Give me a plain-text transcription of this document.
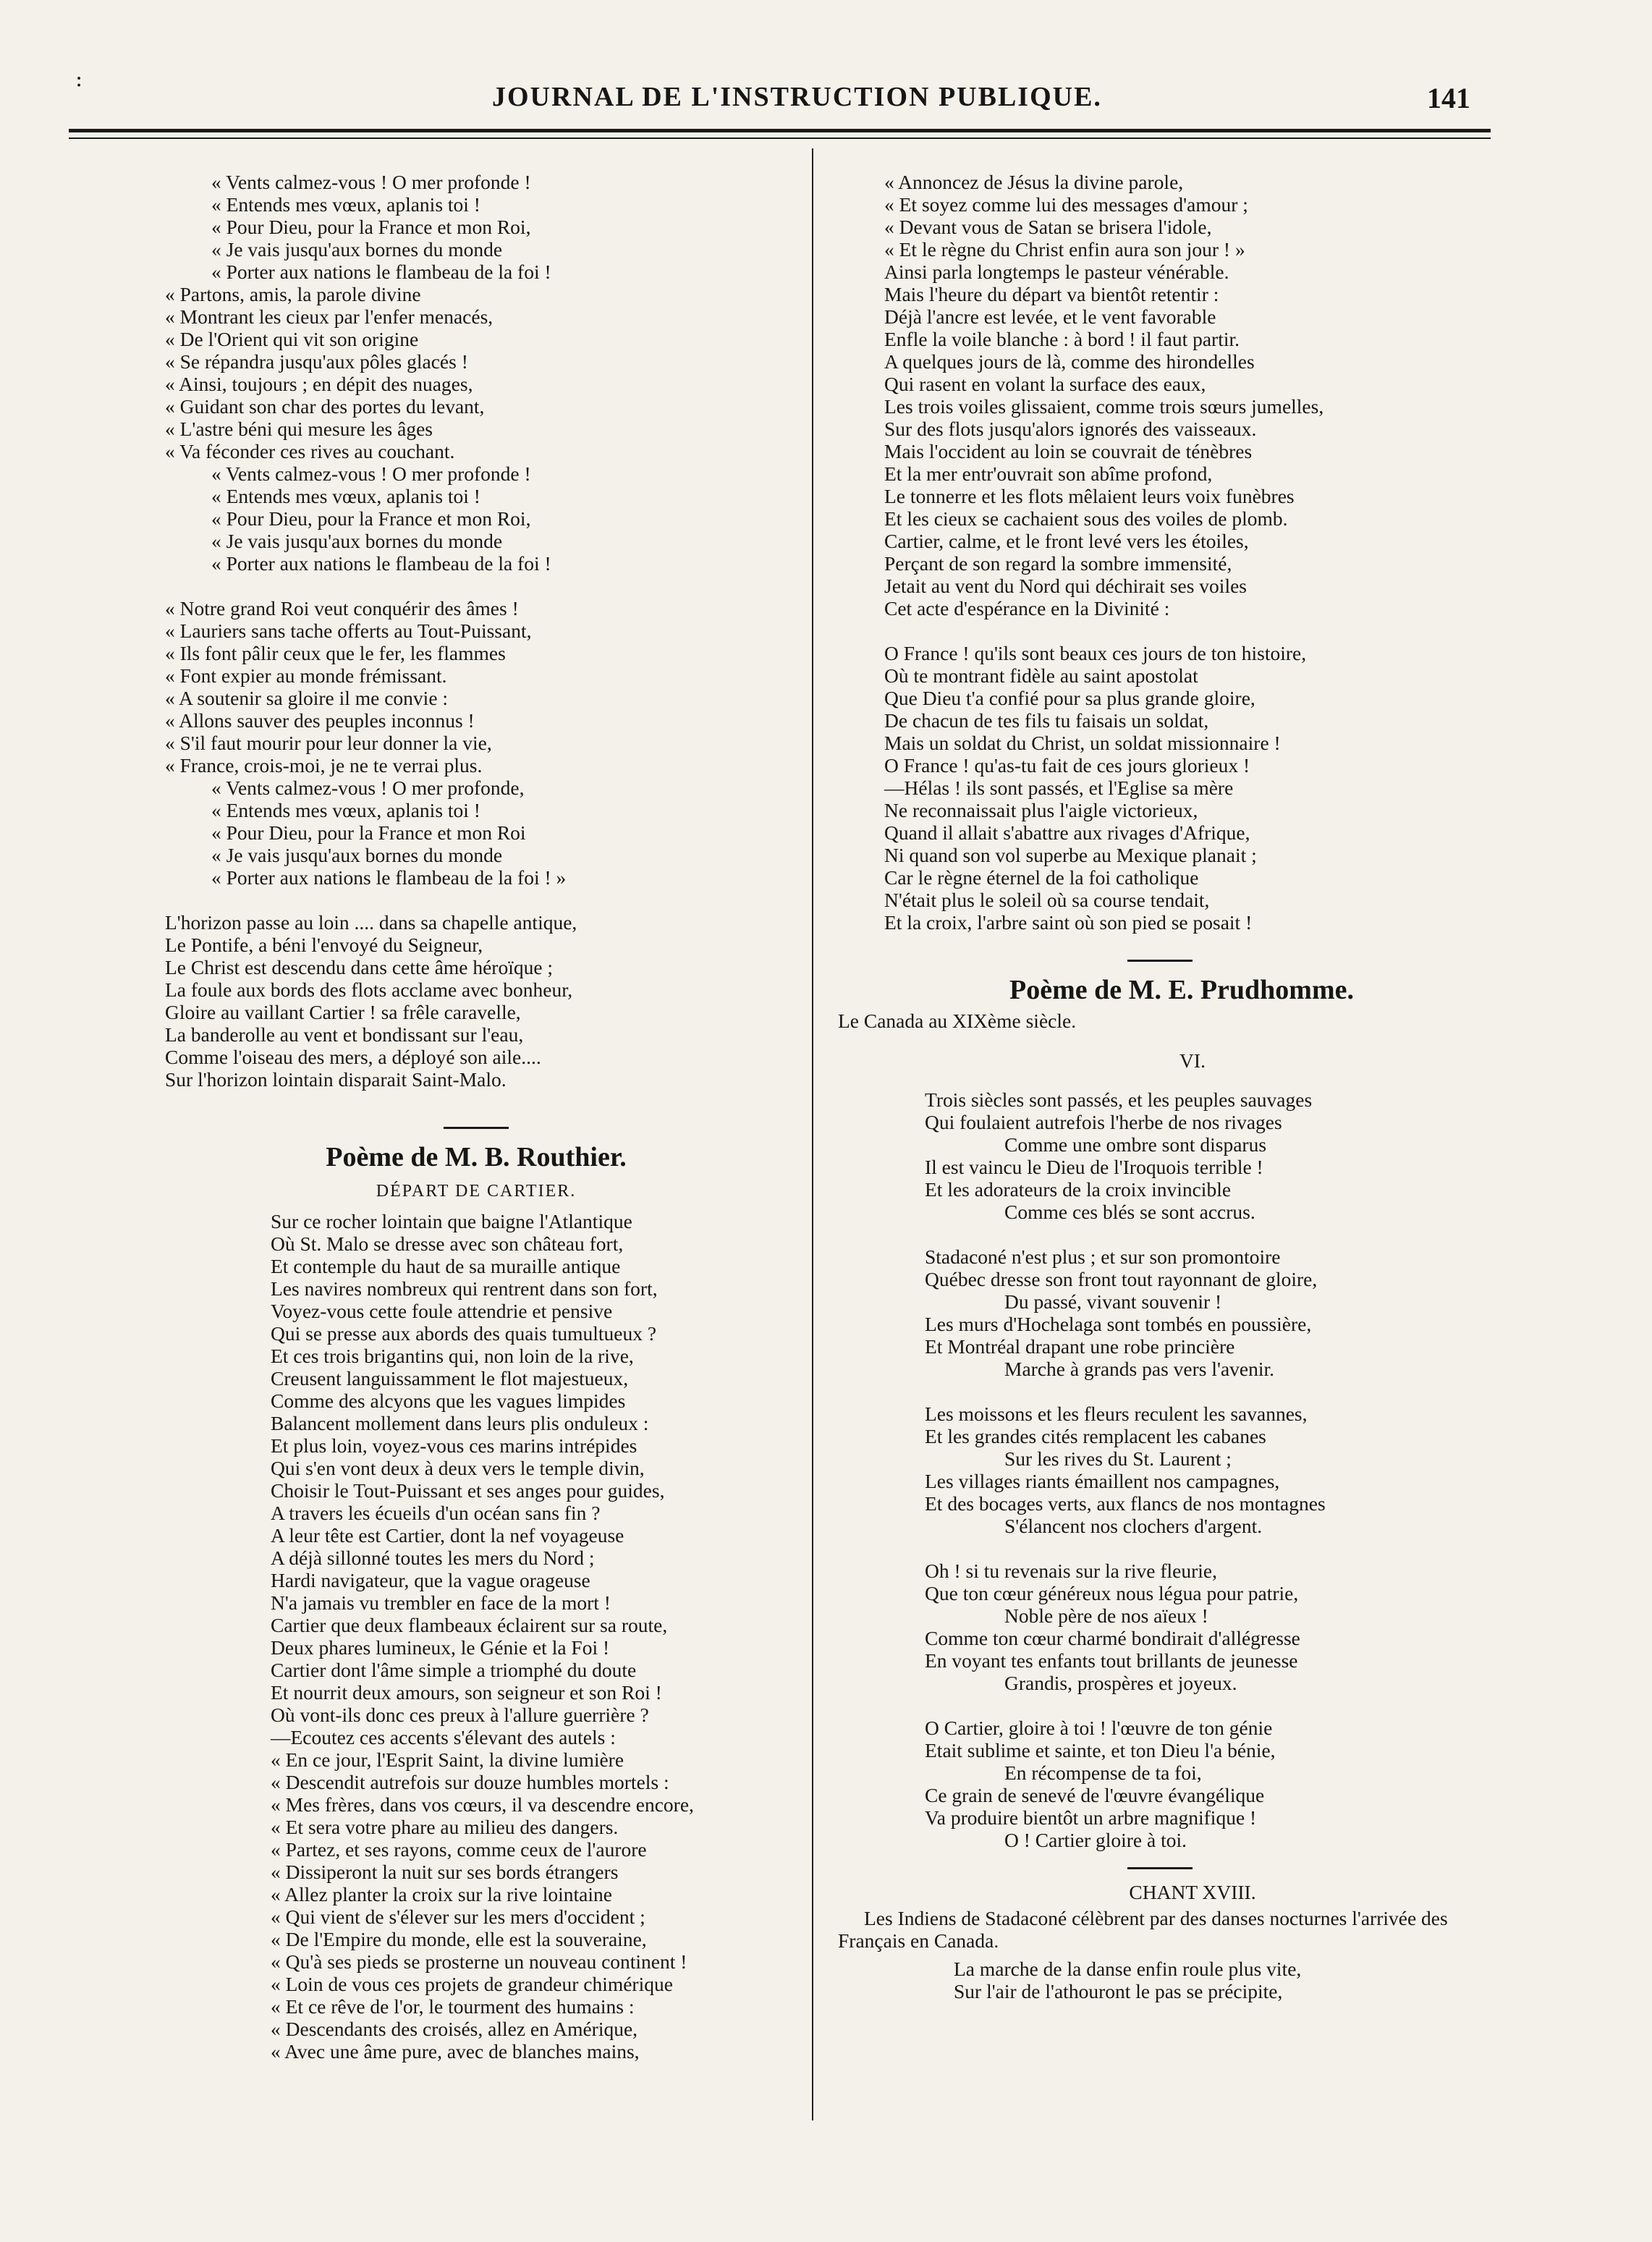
:
JOURNAL DE L'INSTRUCTION PUBLIQUE.	141
« Vents calmez-vous ! O mer profonde !
« Entends mes vœux, aplanis toi !
« Pour Dieu, pour la France et mon Roi,
« Je vais jusqu'aux bornes du monde
« Porter aux nations le flambeau de la foi !
« Partons, amis, la parole divine
« Montrant les cieux par l'enfer menacés,
« De l'Orient qui vit son origine
« Se répandra jusqu'aux pôles glacés !
« Ainsi, toujours ; en dépit des nuages,
« Guidant son char des portes du levant,
« L'astre béni qui mesure les âges
« Va féconder ces rives au couchant.
« Vents calmez-vous ! O mer profonde !
« Entends mes vœux, aplanis toi !
« Pour Dieu, pour la France et mon Roi,
« Je vais jusqu'aux bornes du monde
« Porter aux nations le flambeau de la foi !
« Notre grand Roi veut conquérir des âmes !
« Lauriers sans tache offerts au Tout-Puissant,
« Ils font pâlir ceux que le fer, les flammes
« Font expier au monde frémissant.
« A soutenir sa gloire il me convie :
« Allons sauver des peuples inconnus !
« S'il faut mourir pour leur donner la vie,
« France, crois-moi, je ne te verrai plus.
« Vents calmez-vous ! O mer profonde,
« Entends mes vœux, aplanis toi !
« Pour Dieu, pour la France et mon Roi
« Je vais jusqu'aux bornes du monde
« Porter aux nations le flambeau de la foi ! »
L'horizon passe au loin .... dans sa chapelle antique,
Le Pontife, a béni l'envoyé du Seigneur,
Le Christ est descendu dans cette âme héroïque ;
La foule aux bords des flots acclame avec bonheur,
Gloire au vaillant Cartier ! sa frêle caravelle,
La banderolle au vent et bondissant sur l'eau,
Comme l'oiseau des mers, a déployé son aile....
Sur l'horizon lointain disparait Saint-Malo.
Poème de M. B. Routhier.
DÉPART DE CARTIER.
Sur ce rocher lointain que baigne l'Atlantique
Où St. Malo se dresse avec son château fort,
Et contemple du haut de sa muraille antique
Les navires nombreux qui rentrent dans son fort,
Voyez-vous cette foule attendrie et pensive
Qui se presse aux abords des quais tumultueux ?
Et ces trois brigantins qui, non loin de la rive,
Creusent languissamment le flot majestueux,
Comme des alcyons que les vagues limpides
Balancent mollement dans leurs plis onduleux :
Et plus loin, voyez-vous ces marins intrépides
Qui s'en vont deux à deux vers le temple divin,
Choisir le Tout-Puissant et ses anges pour guides,
A travers les écueils d'un océan sans fin ?
A leur tête est Cartier, dont la nef voyageuse
A déjà sillonné toutes les mers du Nord ;
Hardi navigateur, que la vague orageuse
N'a jamais vu trembler en face de la mort !
Cartier que deux flambeaux éclairent sur sa route,
Deux phares lumineux, le Génie et la Foi !
Cartier dont l'âme simple a triomphé du doute
Et nourrit deux amours, son seigneur et son Roi !
Où vont-ils donc ces preux à l'allure guerrière ?
—Ecoutez ces accents s'élevant des autels :
« En ce jour, l'Esprit Saint, la divine lumière
« Descendit autrefois sur douze humbles mortels :
« Mes frères, dans vos cœurs, il va descendre encore,
« Et sera votre phare au milieu des dangers.
« Partez, et ses rayons, comme ceux de l'aurore
« Dissiperont la nuit sur ses bords étrangers
« Allez planter la croix sur la rive lointaine
« Qui vient de s'élever sur les mers d'occident ;
« De l'Empire du monde, elle est la souveraine,
« Qu'à ses pieds se prosterne un nouveau continent !
« Loin de vous ces projets de grandeur chimérique
« Et ce rêve de l'or, le tourment des humains :
« Descendants des croisés, allez en Amérique,
« Avec une âme pure, avec de blanches mains,
« Annoncez de Jésus la divine parole,
« Et soyez comme lui des messages d'amour ;
« Devant vous de Satan se brisera l'idole,
« Et le règne du Christ enfin aura son jour ! »
Ainsi parla longtemps le pasteur vénérable.
Mais l'heure du départ va bientôt retentir :
Déjà l'ancre est levée, et le vent favorable
Enfle la voile blanche : à bord ! il faut partir.
A quelques jours de là, comme des hirondelles
Qui rasent en volant la surface des eaux,
Les trois voiles glissaient, comme trois sœurs jumelles,
Sur des flots jusqu'alors ignorés des vaisseaux.
Mais l'occident au loin se couvrait de ténèbres
Et la mer entr'ouvrait son abîme profond,
Le tonnerre et les flots mêlaient leurs voix funèbres
Et les cieux se cachaient sous des voiles de plomb.
Cartier, calme, et le front levé vers les étoiles,
Perçant de son regard la sombre immensité,
Jetait au vent du Nord qui déchirait ses voiles
Cet acte d'espérance en la Divinité :
O France ! qu'ils sont beaux ces jours de ton histoire,
Où te montrant fidèle au saint apostolat
Que Dieu t'a confié pour sa plus grande gloire,
De chacun de tes fils tu faisais un soldat,
Mais un soldat du Christ, un soldat missionnaire !
O France ! qu'as-tu fait de ces jours glorieux !
—Hélas ! ils sont passés, et l'Eglise sa mère
Ne reconnaissait plus l'aigle victorieux,
Quand il allait s'abattre aux rivages d'Afrique,
Ni quand son vol superbe au Mexique planait ;
Car le règne éternel de la foi catholique
N'était plus le soleil où sa course tendait,
Et la croix, l'arbre saint où son pied se posait !
Poème de M. E. Prudhomme.
Le Canada au XIXème siècle.
VI.
Trois siècles sont passés, et les peuples sauvages
Qui foulaient autrefois l'herbe de nos rivages
Comme une ombre sont disparus
Il est vaincu le Dieu de l'Iroquois terrible !
Et les adorateurs de la croix invincible
Comme ces blés se sont accrus.
Stadaconé n'est plus ; et sur son promontoire
Québec dresse son front tout rayonnant de gloire,
Du passé, vivant souvenir !
Les murs d'Hochelaga sont tombés en poussière,
Et Montréal drapant une robe princière
Marche à grands pas vers l'avenir.
Les moissons et les fleurs reculent les savannes,
Et les grandes cités remplacent les cabanes
Sur les rives du St. Laurent ;
Les villages riants émaillent nos campagnes,
Et des bocages verts, aux flancs de nos montagnes
S'élancent nos clochers d'argent.
Oh ! si tu revenais sur la rive fleurie,
Que ton cœur généreux nous légua pour patrie,
Noble père de nos aïeux !
Comme ton cœur charmé bondirait d'allégresse
En voyant tes enfants tout brillants de jeunesse
Grandis, prospères et joyeux.
O Cartier, gloire à toi ! l'œuvre de ton génie
Etait sublime et sainte, et ton Dieu l'a bénie,
En récompense de ta foi,
Ce grain de senevé de l'œuvre évangélique
Va produire bientôt un arbre magnifique !
O ! Cartier gloire à toi.
CHANT XVIII.
Les Indiens de Stadaconé célèbrent par des danses nocturnes l'arrivée des Français en Canada.
La marche de la danse enfin roule plus vite,
Sur l'air de l'athouront le pas se précipite,
